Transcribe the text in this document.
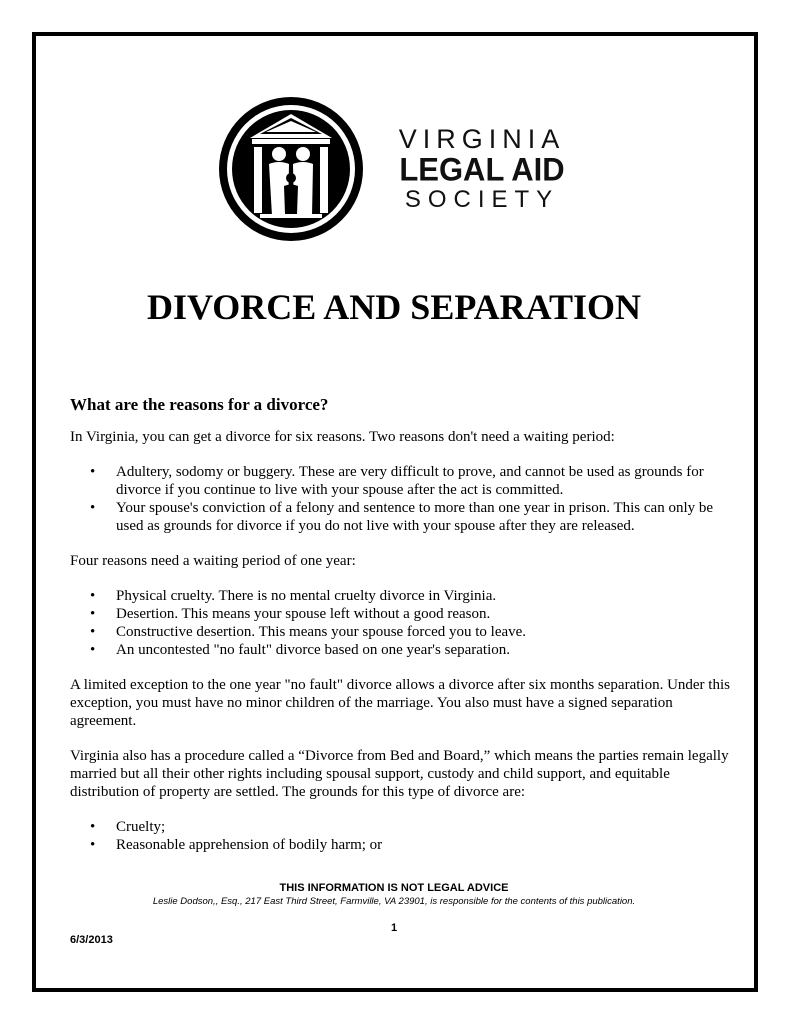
VIRGINIA
LEGAL AID
SOCIETY
DIVORCE AND SEPARATION
What are the reasons for a divorce?

In Virginia, you can get a divorce for six reasons. Two reasons don't need a waiting period:

• Adultery, sodomy or buggery. These are very difficult to prove, and cannot be used as grounds for divorce if you continue to live with your spouse after the act is committed.
• Your spouse's conviction of a felony and sentence to more than one year in prison. This can only be used as grounds for divorce if you do not live with your spouse after they are released.

Four reasons need a waiting period of one year:

• Physical cruelty. There is no mental cruelty divorce in Virginia.
• Desertion. This means your spouse left without a good reason.
• Constructive desertion. This means your spouse forced you to leave.
• An uncontested "no fault" divorce based on one year's separation.

A limited exception to the one year "no fault" divorce allows a divorce after six months separation. Under this exception, you must have no minor children of the marriage. You also must have a signed separation agreement.

Virginia also has a procedure called a “Divorce from Bed and Board,” which means the parties remain legally married but all their other rights including spousal support, custody and child support, and equitable distribution of property are settled. The grounds for this type of divorce are:

• Cruelty;
• Reasonable apprehension of bodily harm; or
THIS INFORMATION IS NOT LEGAL ADVICE
Leslie Dodson,, Esq., 217 East Third Street, Farmville, VA 23901, is responsible for the contents of this publication.
1
6/3/2013
